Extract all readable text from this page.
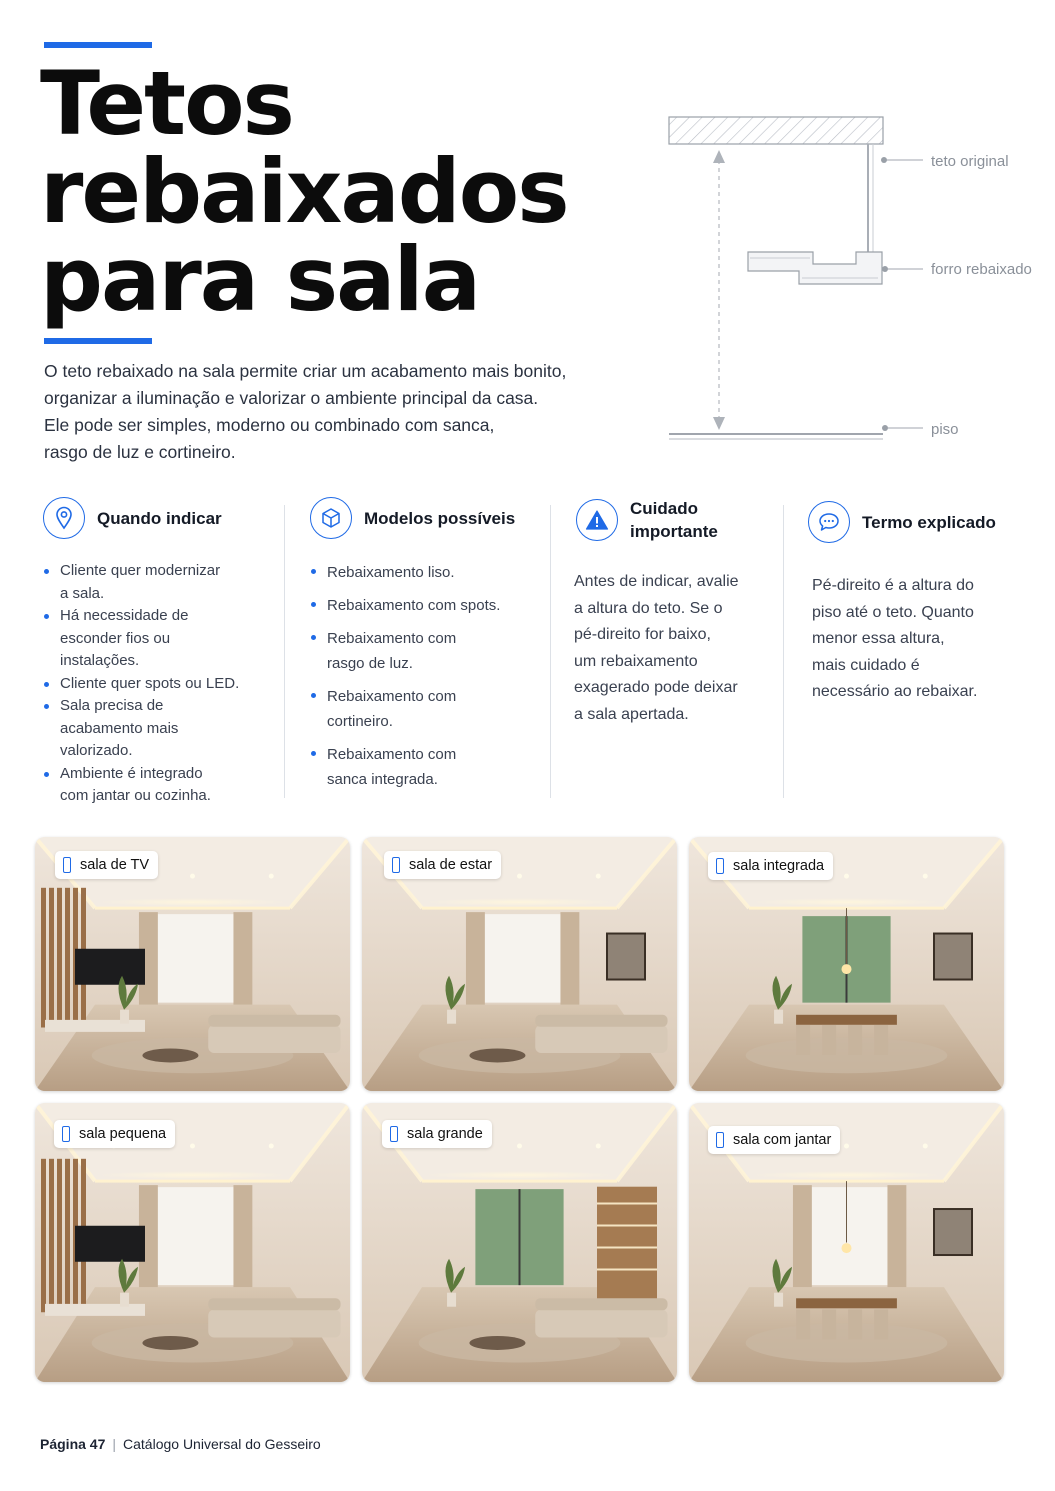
Tetos
rebaixados
para sala

O teto rebaixado na sala permite criar um acabamento mais bonito,
organizar a iluminação e valorizar o ambiente principal da casa.
Ele pode ser simples, moderno ou combinado com sanca,
rasgo de luz e cortineiro.

teto original
forro rebaixado
piso
Quando indicar
Cliente quer modernizar
a sala.
Há necessidade de
esconder fios ou
instalações.
Cliente quer spots ou LED.
Sala precisa de
acabamento mais
valorizado.
Ambiente é integrado
com jantar ou cozinha.
Modelos possíveis
Rebaixamento liso.
Rebaixamento com spots.
Rebaixamento com
rasgo de luz.
Rebaixamento com
cortineiro.
Rebaixamento com
sanca integrada.
Cuidado
importante
Antes de indicar, avalie
a altura do teto. Se o
pé-direito for baixo,
um rebaixamento
exagerado pode deixar
a sala apertada.
Termo explicado
Pé-direito é a altura do
piso até o teto. Quanto
menor essa altura,
mais cuidado é
necessário ao rebaixar.
sala de TV	sala de estar	sala integrada
sala pequena	sala grande	sala com jantar
Página 47 | Catálogo Universal do Gesseiro
